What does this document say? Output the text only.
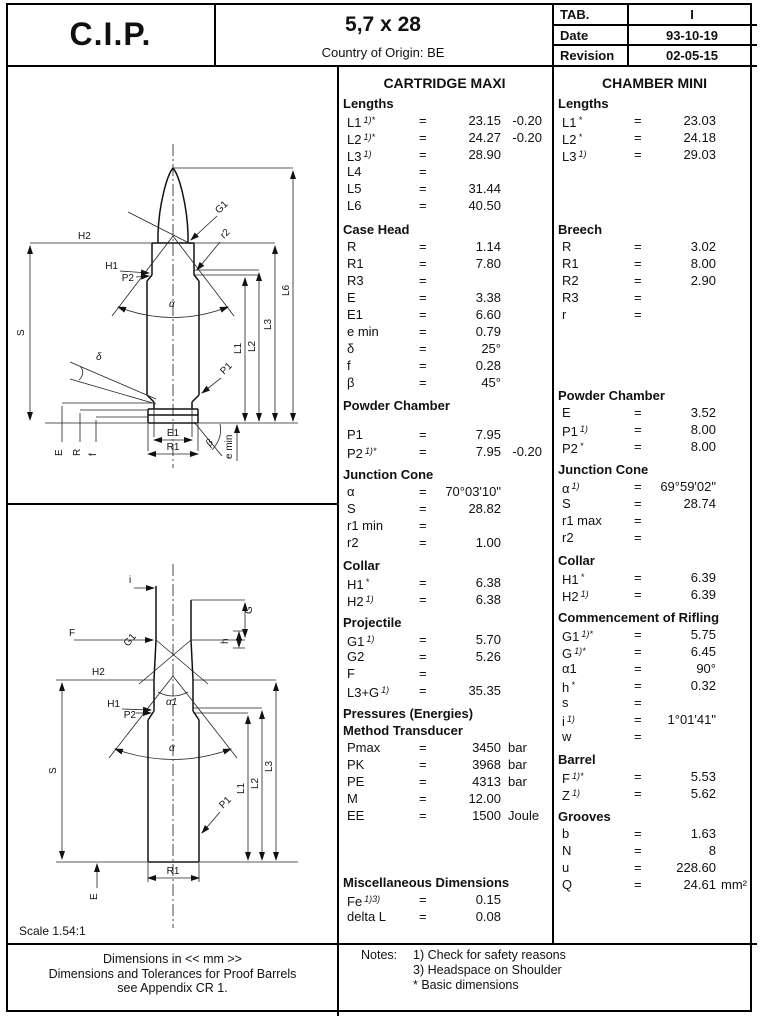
C.I.P.	5,7 x 28
Country of Origin: BE
TAB.	I
Date	93-10-19
Revision	02-05-15
CARTRIDGE MAXI
Lengths
L1 $^{1)*}$	=	23.15 -0.20
L2 $^{1)*}$	=	24.27 -0.20
L3 $^{1)}$	=	28.90
L4	=
L5	=	31.44
L6	=	40.50
Case Head
R	=	1.14
R1	=	7.80
R3	=
E	=	3.38
E1	=	6.60
e min	=	0.79
δ	=	25°
f	=	0.28
β	=	45°
Powder Chamber
P1	=	7.95
P2 $^{1)*}$	=	7.95 -0.20
Junction Cone
α	=	70°03'10"
S	=	28.82
r1 min	=
r2	=	1.00
Collar
H1 *	=	6.38
H2 $^{1)}$	=	6.38
Projectile
G1 $^{1)}$	=	5.70
G2	=	5.26
F	=
L3+G $^{1)}$	=	35.35
Pressures (Energies)
Method Transducer
Pmax	=	3450 bar
PK	=	3968 bar
PE	=	4313 bar
M	=	12.00
EE	=	1500 Joule
Miscellaneous Dimensions
Fe $^{1)3)}$	=	0.15
delta L	=	0.08
CHAMBER MINI
Lengths
L1 *	=	23.03
L2 *	=	24.18
L3 $^{1)}$	=	29.03
Breech
R	=	3.02
R1	=	8.00
R2	=	2.90
R3	=
r	=
Powder Chamber
E	=	3.52
P1 $^{1)}$	=	8.00
P2 *	=	8.00
Junction Cone
α $^{1)}$	=	69°59'02"
S	=	28.74
r1 max	=
r2	=
Collar
H1 *	=	6.39
H2 $^{1)}$	=	6.39
Commencement of Rifling
G1 $^{1)*}$	=	5.75
G $^{1)*}$	=	6.45
α1	=	90°
h *	=	0.32
s	=
i $^{1)}$	=	1°01'41"
w	=
Barrel
F $^{1)*}$	=	5.53
Z $^{1)}$	=	5.62
Grooves
b	=	1.63
N	=	8
u	=	228.60
Q	=	24.61 mm²
H2
H1
P2
G1
r2
α
δ
P1
S
L1 L2
L3
L6
E R f
E1
R1 β e min
i
G
F	G1	h
H2
H1
P2
α1
α
S
L1 L2
L3
P1
R1
E
Scale 1.54:1
Dimensions in << mm >>
Dimensions and Tolerances for Proof Barrels
see Appendix CR 1.
Notes:	1) Check for safety reasons
3) Headspace on Shoulder
* Basic dimensions
